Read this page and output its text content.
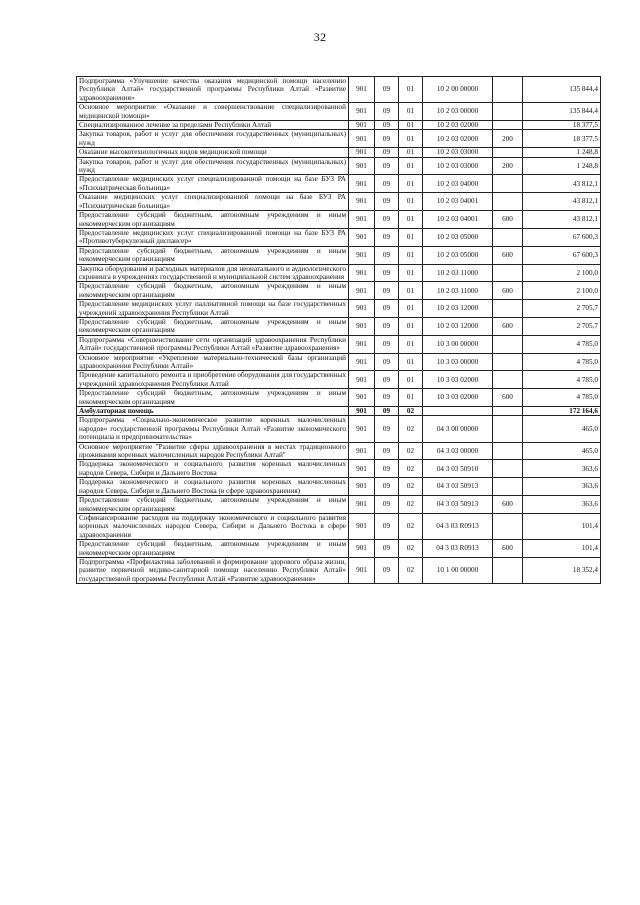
32
Подпрограмма «Улучшение качества оказания медицинской помощи населению Республики Алтай» государственной программы Республики Алтай «Развитие здравоохранения»	901	09	01	10 2 00 00000		135 844,4
Основное мероприятие «Оказание и совершенствование специализированной медицинской помощи»	901	09	01	10 2 03 00000		135 844,4
Специализированное лечение за пределами Республики Алтай	901	09	01	10 2 03 02000		18 377,5
Закупка товаров, работ и услуг для обеспечения государственных (муниципальных) нужд	901	09	01	10 2 03 02000	200	18 377,5
Оказание высокотехнологичных видов медицинской помощи	901	09	01	10 2 03 03000		1 248,8
Закупка товаров, работ и услуг для обеспечения государственных (муниципальных) нужд	901	09	01	10 2 03 03000	200	1 248,8
Предоставление медицинских услуг специализированной помощи на базе БУЗ РА «Психиатрическая больница»	901	09	01	10 2 03 04000		43 812,1
Оказание медицинских услуг специализированной помощи на базе БУЗ РА «Психиатрическая больница»	901	09	01	10 2 03 04001		43 812,1
Предоставление субсидий бюджетным, автономным учреждениям и иным некоммерческим организациям	901	09	01	10 2 03 04001	600	43 812,1
Предоставление медицинских услуг специализированной помощи на базе БУЗ РА «Противотуберкулезный диспансер»	901	09	01	10 2 03 05000		67 600,3
Предоставление субсидий бюджетным, автономным учреждениям и иным некоммерческим организациям	901	09	01	10 2 03 05000	600	67 600,3
Закупка оборудования и расходных материалов для неонатального и аудиологического скрининга в учреждениях государственной и муниципальной систем здравоохранения	901	09	01	10 2 03 11000		2 100,0
Предоставление субсидий бюджетным, автономным учреждениям и иным некоммерческим организациям	901	09	01	10 2 03 11000	600	2 100,0
Предоставление медицинских услуг паллиативной помощи на базе государственных учреждений здравоохранения Республики Алтай	901	09	01	10 2 03 12000		2 705,7
Предоставление субсидий бюджетным, автономным учреждениям и иным некоммерческим организациям	901	09	01	10 2 03 12000	600	2 705,7
Подпрограмма «Совершенствование сети организаций здравоохранения Республики Алтай» государственной программы Республики Алтай «Развитие здравоохранения»	901	09	01	10 3 00 00000		4 785,0
Основное мероприятие «Укрепление материально-технической базы организаций здравоохранения Республики Алтай»	901	09	01	10 3 03 00000		4 785,0
Проведение капитального ремонта и приобретение оборудования для государственных учреждений здравоохранения Республики Алтай	901	09	01	10 3 03 02000		4 785,0
Предоставление субсидий бюджетным, автономным учреждениям и иным некоммерческим организациям	901	09	01	10 3 03 02000	600	4 785,0
Амбулаторная помощь	901	09	02			172 164,6
Подпрограмма «Социально-экономическое развитие коренных малочисленных народов» государственной программы Республики Алтай «Развитие экономического потенциала и предпринимательства»	901	09	02	04 3 00 00000		465,0
Основное мероприятие "Развитие сферы здравоохранения в местах традиционного проживания коренных малочисленных народов Республики Алтай"	901	09	02	04 3 03 00000		465,0
Поддержка экономического и социального развития коренных малочисленных народов Севера, Сибири и Дальнего Востока	901	09	02	04 3 03 50910		363,6
Поддержка экономического и социального развития коренных малочисленных народов Севера, Сибири и Дальнего Востока (в сфере здравоохранения)	901	09	02	04 3 03 50913		363,6
Предоставление субсидий бюджетным, автономным учреждениям и иным некоммерческим организациям	901	09	02	04 3 03 50913	600	363,6
Софинансирование расходов на поддержку экономического и социального развития коренных малочисленных народов Севера, Сибири и Дальнего Востока в сфере здравоохранения	901	09	02	04 3 03 R0913		101,4
Предоставление субсидий бюджетным, автономным учреждениям и иным некоммерческим организациям	901	09	02	04 3 03 R0913	600	101,4
Подпрограмма «Профилактика заболеваний и формирование здорового образа жизни, развитие первичной медико-санитарной помощи населению Республики Алтай» государственной программы Республики Алтай «Развитие здравоохранения»	901	09	02	10 1 00 00000		18 352,4
